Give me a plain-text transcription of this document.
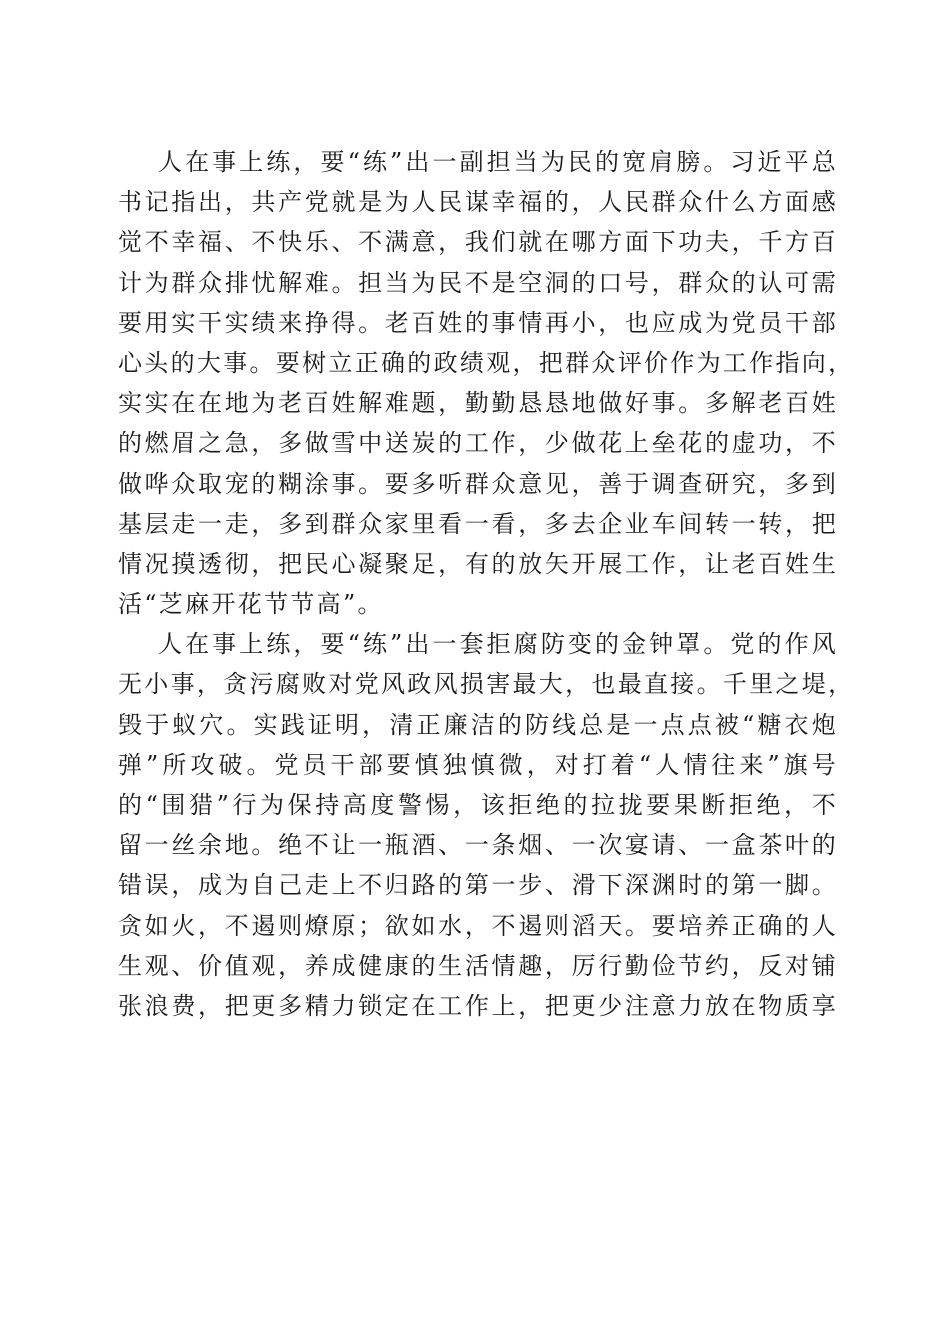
人在事上练，要“练”出一副担当为民的宽肩膀。习近平总
书记指出，共产党就是为人民谋幸福的，人民群众什么方面感
觉不幸福、不快乐、不满意，我们就在哪方面下功夫，千方百
计为群众排忧解难。担当为民不是空洞的口号，群众的认可需
要用实干实绩来挣得。老百姓的事情再小，也应成为党员干部
心头的大事。要树立正确的政绩观，把群众评价作为工作指向，
实实在在地为老百姓解难题，勤勤恳恳地做好事。多解老百姓
的燃眉之急，多做雪中送炭的工作，少做花上垒花的虚功，不
做哗众取宠的糊涂事。要多听群众意见，善于调查研究，多到
基层走一走，多到群众家里看一看，多去企业车间转一转，把
情况摸透彻，把民心凝聚足，有的放矢开展工作，让老百姓生
活“芝麻开花节节高”。
人在事上练，要“练”出一套拒腐防变的金钟罩。党的作风
无小事，贪污腐败对党风政风损害最大，也最直接。千里之堤，
毁于蚁穴。实践证明，清正廉洁的防线总是一点点被“糖衣炮
弹”所攻破。党员干部要慎独慎微，对打着“人情往来”旗号
的“围猎”行为保持高度警惕，该拒绝的拉拢要果断拒绝，不
留一丝余地。绝不让一瓶酒、一条烟、一次宴请、一盒茶叶的
错误，成为自己走上不归路的第一步、滑下深渊时的第一脚。
贪如火，不遏则燎原；欲如水，不遏则滔天。要培养正确的人
生观、价值观，养成健康的生活情趣，厉行勤俭节约，反对铺
张浪费，把更多精力锁定在工作上，把更少注意力放在物质享
